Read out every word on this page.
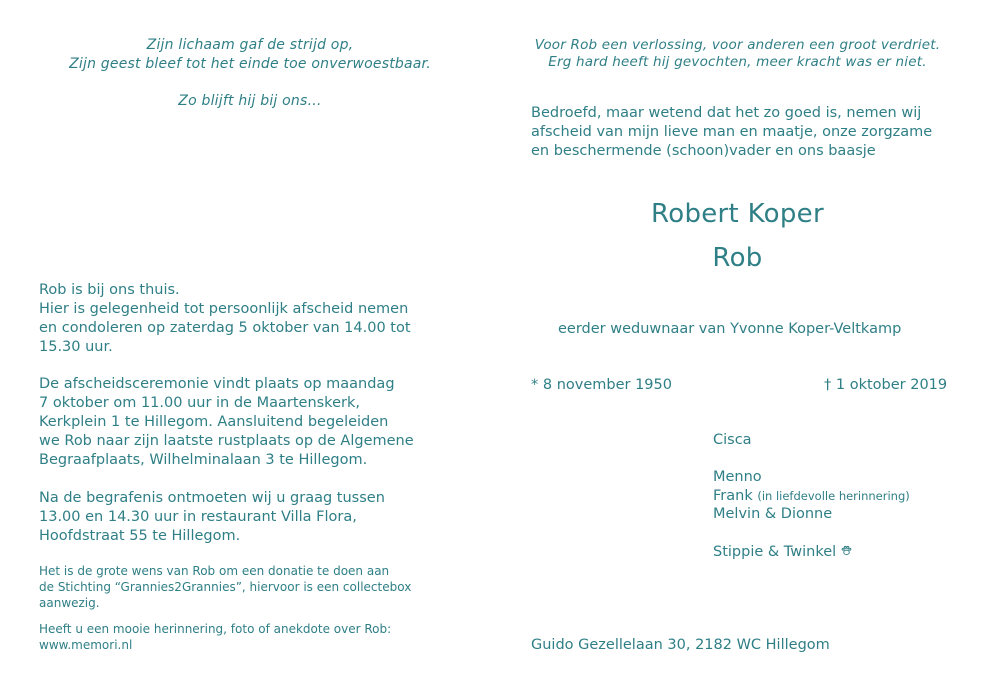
Zijn lichaam gaf de strijd op,
Zijn geest bleef tot het einde toe onverwoestbaar.
Zo blijft hij bij ons…
Rob is bij ons thuis.
Hier is gelegenheid tot persoonlijk afscheid nemen
en condoleren op zaterdag 5 oktober van 14.00 tot
15.30 uur.
De afscheidsceremonie vindt plaats op maandag
7 oktober om 11.00 uur in de Maartenskerk,
Kerkplein 1 te Hillegom. Aansluitend begeleiden
we Rob naar zijn laatste rustplaats op de Algemene
Begraafplaats, Wilhelminalaan 3 te Hillegom.
Na de begrafenis ontmoeten wij u graag tussen
13.00 en 14.30 uur in restaurant Villa Flora,
Hoofdstraat 55 te Hillegom.
Het is de grote wens van Rob om een donatie te doen aan
de Stichting “Grannies2Grannies”, hiervoor is een collectebox
aanwezig.
Heeft u een mooie herinnering, foto of anekdote over Rob:
www.memori.nl
Voor Rob een verlossing, voor anderen een groot verdriet.
Erg hard heeft hij gevochten, meer kracht was er niet.
Bedroefd, maar wetend dat het zo goed is, nemen wij
afscheid van mijn lieve man en maatje, onze zorgzame
en beschermende (schoon)vader en ons baasje
Robert Koper
Rob
eerder weduwnaar van Yvonne Koper-Veltkamp
* 8 november 1950	† 1 oktober 2019
Cisca
Menno
Frank (in liefdevolle herinnering)
Melvin & Dionne
Stippie & Twinkel
Guido Gezellelaan 30, 2182 WC Hillegom
